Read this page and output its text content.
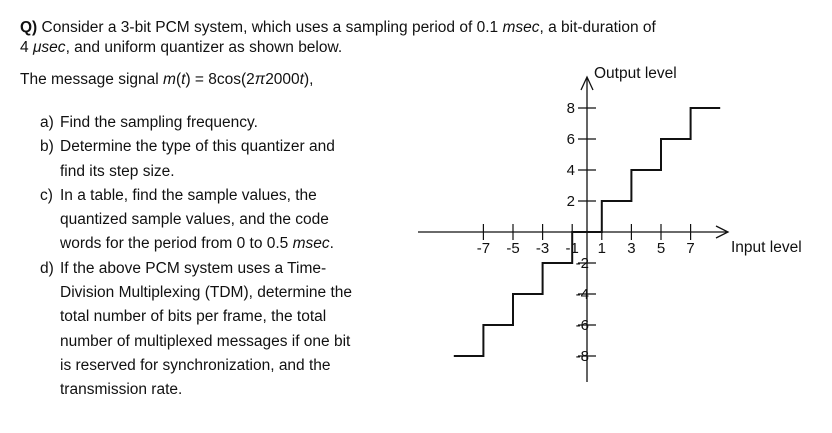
Q) Consider a 3-bit PCM system, which uses a sampling period of 0.1 msec, a bit-duration of
4 μsec, and uniform quantizer as shown below.
The message signal m(t) = 8cos(2π2000t),
a) Find the sampling frequency.
b) Determine the type of this quantizer and
find its step size.
c) In a table, find the sample values, the
quantized sample values, and the code
words for the period from 0 to 0.5 msec.
d) If the above PCM system uses a Time-
Division Multiplexing (TDM), determine the
total number of bits per frame, the total
number of multiplexed messages if one bit
is reserved for synchronization, and the
transmission rate.
-7 -5 -3 -1 1 3 5 7
2
4
6
8
-2
-4
-6
-8
Input level
Output level
